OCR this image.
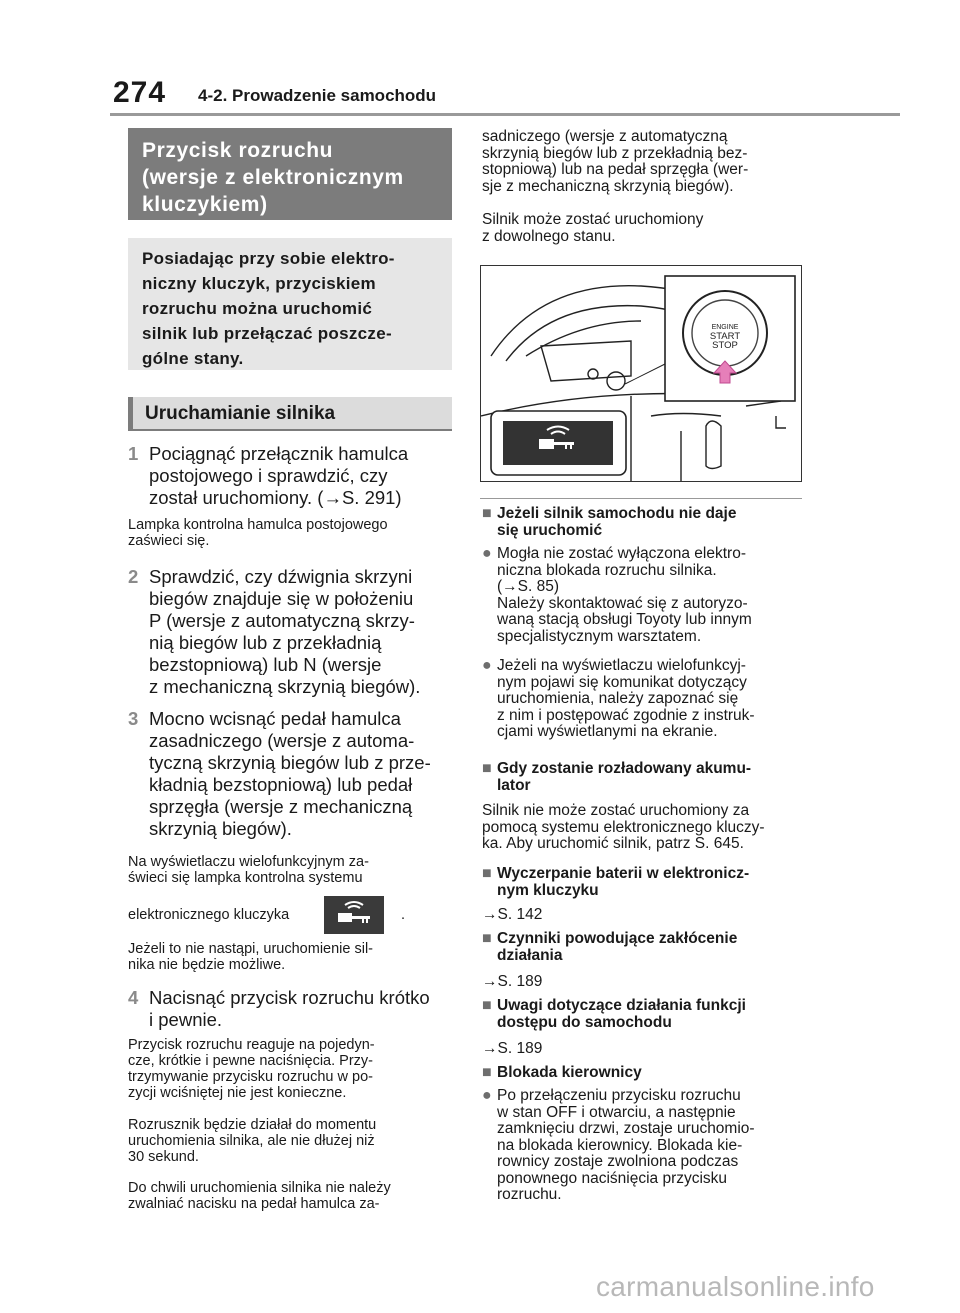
274 4-2. Prowadzenie samochodu
Przycisk rozruchu
(wersje z elektronicznym
kluczykiem)
Posiadając przy sobie elektro-
niczny kluczyk, przyciskiem
rozruchu można uruchomić
silnik lub przełączać poszcze-
gólne stany.
Uruchamianie silnika
1 Pociągnąć przełącznik hamulca
postojowego i sprawdzić, czy
został uruchomiony. (→S. 291)
Lampka kontrolna hamulca postojowego
zaświeci się.
2 Sprawdzić, czy dźwignia skrzyni
biegów znajduje się w położeniu
P (wersje z automatyczną skrzy-
nią biegów lub z przekładnią
bezstopniową) lub N (wersje
z mechaniczną skrzynią biegów).
3 Mocno wcisnąć pedał hamulca
zasadniczego (wersje z automa-
tyczną skrzynią biegów lub z prze-
kładnią bezstopniową) lub pedał
sprzęgła (wersje z mechaniczną
skrzynią biegów).
Na wyświetlaczu wielofunkcyjnym za-
świeci się lampka kontrolna systemu
elektronicznego kluczyka	.
Jeżeli to nie nastąpi, uruchomienie sil-
nika nie będzie możliwe.
4 Nacisnąć przycisk rozruchu krótko
i pewnie.
Przycisk rozruchu reaguje na pojedyn-
cze, krótkie i pewne naciśnięcia. Przy-
trzymywanie przycisku rozruchu w po-
zycji wciśniętej nie jest konieczne.
Rozrusznik będzie działał do momentu
uruchomienia silnika, ale nie dłużej niż
30 sekund.
Do chwili uruchomienia silnika nie należy
zwalniać nacisku na pedał hamulca za-
sadniczego (wersje z automatyczną
skrzynią biegów lub z przekładnią bez-
stopniową) lub na pedał sprzęgła (wer-
sje z mechaniczną skrzynią biegów).
Silnik może zostać uruchomiony
z dowolnego stanu.
ENGINE
START
STOP
■ Jeżeli silnik samochodu nie daje
się uruchomić
● Mogła nie zostać wyłączona elektro-
niczna blokada rozruchu silnika.
(→S. 85)
Należy skontaktować się z autoryzo-
waną stacją obsługi Toyoty lub innym
specjalistycznym warsztatem.
● Jeżeli na wyświetlaczu wielofunkcyj-
nym pojawi się komunikat dotyczący
uruchomienia, należy zapoznać się
z nim i postępować zgodnie z instruk-
cjami wyświetlanymi na ekranie.
■ Gdy zostanie rozładowany akumu-
lator
Silnik nie może zostać uruchomiony za
pomocą systemu elektronicznego kluczy-
ka. Aby uruchomić silnik, patrz S. 645.
■ Wyczerpanie baterii w elektronicz-
nym kluczyku
→S. 142
■ Czynniki powodujące zakłócenie
działania
→S. 189
■ Uwagi dotyczące działania funkcji
dostępu do samochodu
→S. 189
■ Blokada kierownicy
● Po przełączeniu przycisku rozruchu
w stan OFF i otwarciu, a następnie
zamknięciu drzwi, zostaje uruchomio-
na blokada kierownicy. Blokada kie-
rownicy zostaje zwolniona podczas
ponownego naciśnięcia przycisku
rozruchu.
carmanualsonline.info
